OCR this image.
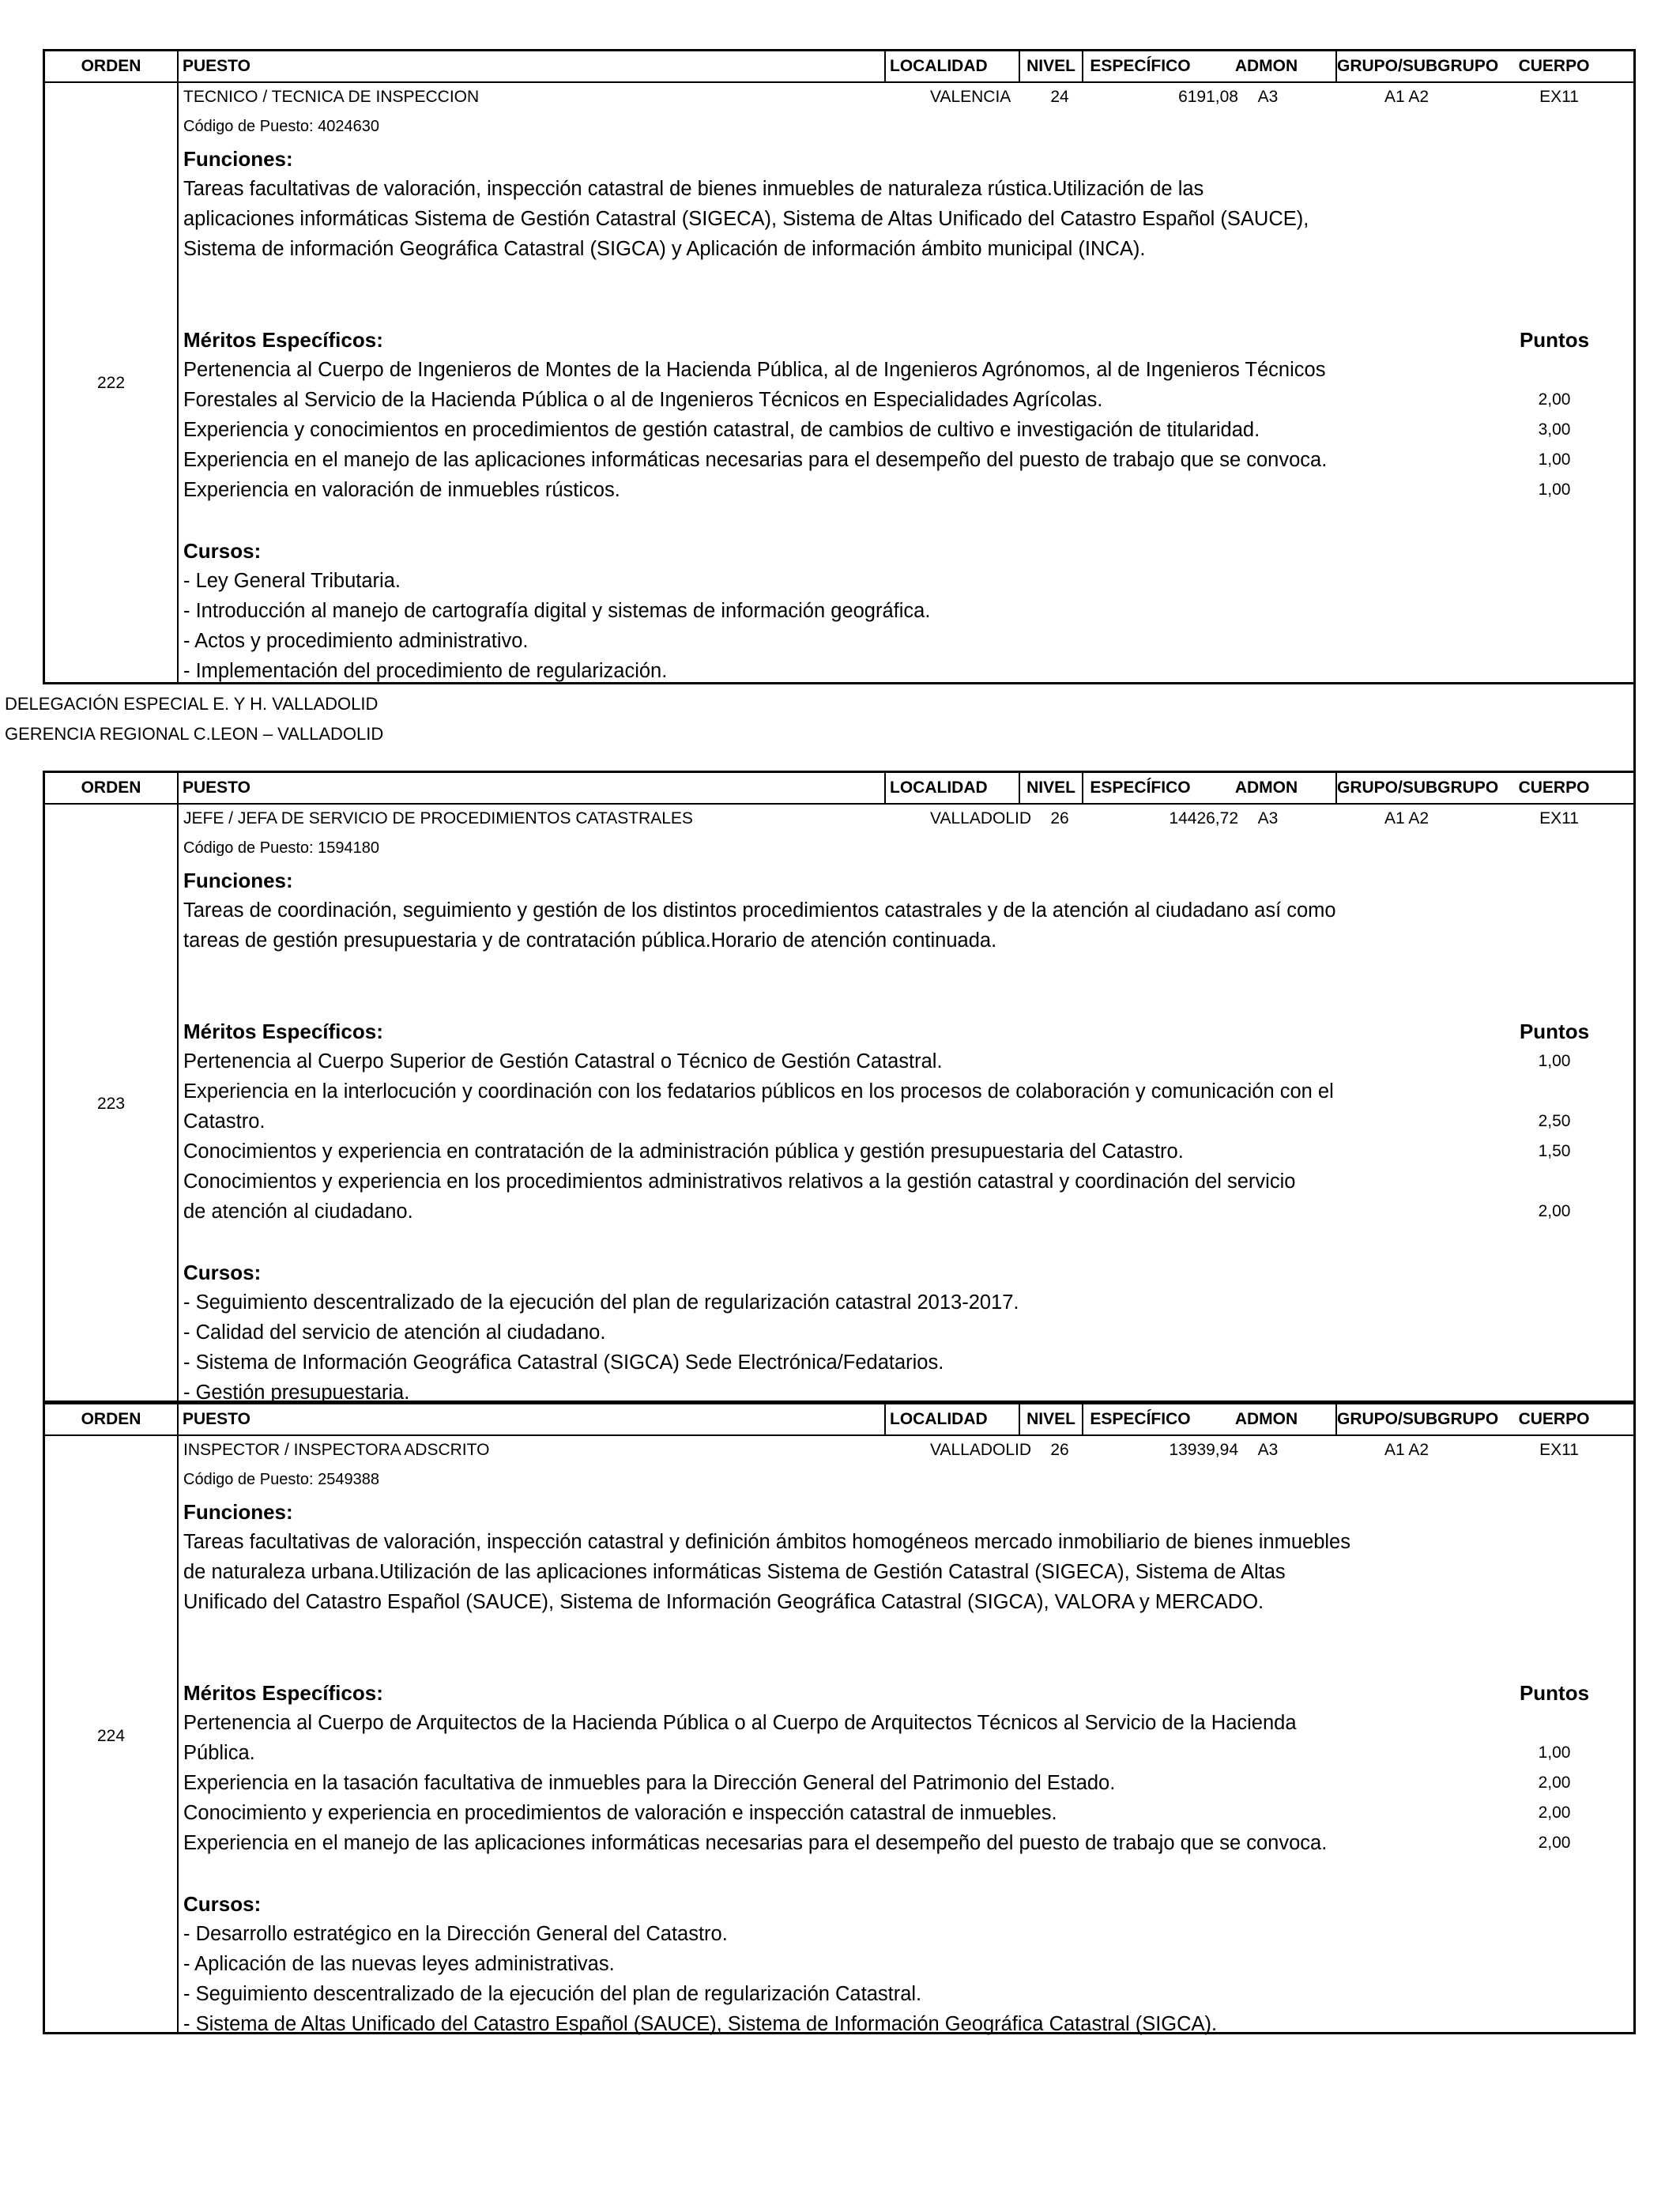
ORDEN	PUESTO	LOCALIDAD	NIVEL ESPECÍFICO	ADMON	GRUPO/SUBGRUPO	CUERPO
222
TECNICO / TECNICA DE INSPECCION	VALENCIA	24	6191,08	A3	A1 A2	EX11
Código de Puesto: 4024630
Funciones:
Tareas facultativas de valoración, inspección catastral de bienes inmuebles de naturaleza rústica.Utilización de las
aplicaciones informáticas Sistema de Gestión Catastral (SIGECA), Sistema de Altas Unificado del Catastro Español (SAUCE),
Sistema de información Geográfica Catastral (SIGCA) y Aplicación de información ámbito municipal (INCA).
Méritos Específicos:	Puntos
Pertenencia al Cuerpo de Ingenieros de Montes de la Hacienda Pública, al de Ingenieros Agrónomos, al de Ingenieros Técnicos
Forestales al Servicio de la Hacienda Pública o al de Ingenieros Técnicos en Especialidades Agrícolas.	2,00
Experiencia y conocimientos en procedimientos de gestión catastral, de cambios de cultivo e investigación de titularidad.	3,00
Experiencia en el manejo de las aplicaciones informáticas necesarias para el desempeño del puesto de trabajo que se convoca.	1,00
Experiencia en valoración de inmuebles rústicos.	1,00
Cursos:
- Ley General Tributaria.
- Introducción al manejo de cartografía digital y sistemas de información geográfica.
- Actos y procedimiento administrativo.
- Implementación del procedimiento de regularización.
DELEGACIÓN ESPECIAL E. Y H. VALLADOLID
GERENCIA REGIONAL C.LEON – VALLADOLID
ORDEN	PUESTO	LOCALIDAD	NIVEL ESPECÍFICO	ADMON	GRUPO/SUBGRUPO	CUERPO
223
JEFE / JEFA DE SERVICIO DE PROCEDIMIENTOS CATASTRALES	VALLADOLID	26	14426,72	A3	A1 A2	EX11
Código de Puesto: 1594180
Funciones:
Tareas de coordinación, seguimiento y gestión de los distintos procedimientos catastrales y de la atención al ciudadano así como
tareas de gestión presupuestaria y de contratación pública.Horario de atención continuada.
Méritos Específicos:	Puntos
Pertenencia al Cuerpo Superior de Gestión Catastral o Técnico de Gestión Catastral.	1,00
Experiencia en la interlocución y coordinación con los fedatarios públicos en los procesos de colaboración y comunicación con el
Catastro.	2,50
Conocimientos y experiencia en contratación de la administración pública y gestión presupuestaria del Catastro.	1,50
Conocimientos y experiencia en los procedimientos administrativos relativos a la gestión catastral y coordinación del servicio
de atención al ciudadano.	2,00
Cursos:
- Seguimiento descentralizado de la ejecución del plan de regularización catastral 2013-2017.
- Calidad del servicio de atención al ciudadano.
- Sistema de Información Geográfica Catastral (SIGCA) Sede Electrónica/Fedatarios.
- Gestión presupuestaria.
ORDEN	PUESTO	LOCALIDAD	NIVEL ESPECÍFICO	ADMON	GRUPO/SUBGRUPO	CUERPO
224
INSPECTOR / INSPECTORA ADSCRITO	VALLADOLID	26	13939,94	A3	A1 A2	EX11
Código de Puesto: 2549388
Funciones:
Tareas facultativas de valoración, inspección catastral y definición ámbitos homogéneos mercado inmobiliario de bienes inmuebles
de naturaleza urbana.Utilización de las aplicaciones informáticas Sistema de Gestión Catastral (SIGECA), Sistema de Altas
Unificado del Catastro Español (SAUCE), Sistema de Información Geográfica Catastral (SIGCA), VALORA y MERCADO.
Méritos Específicos:	Puntos
Pertenencia al Cuerpo de Arquitectos de la Hacienda Pública o al Cuerpo de Arquitectos Técnicos al Servicio de la Hacienda
Pública.	1,00
Experiencia en la tasación facultativa de inmuebles para la Dirección General del Patrimonio del Estado.	2,00
Conocimiento y experiencia en procedimientos de valoración e inspección catastral de inmuebles.	2,00
Experiencia en el manejo de las aplicaciones informáticas necesarias para el desempeño del puesto de trabajo que se convoca.	2,00
Cursos:
- Desarrollo estratégico en la Dirección General del Catastro.
- Aplicación de las nuevas leyes administrativas.
- Seguimiento descentralizado de la ejecución del plan de regularización Catastral.
- Sistema de Altas Unificado del Catastro Español (SAUCE), Sistema de Información Geográfica Catastral (SIGCA).
